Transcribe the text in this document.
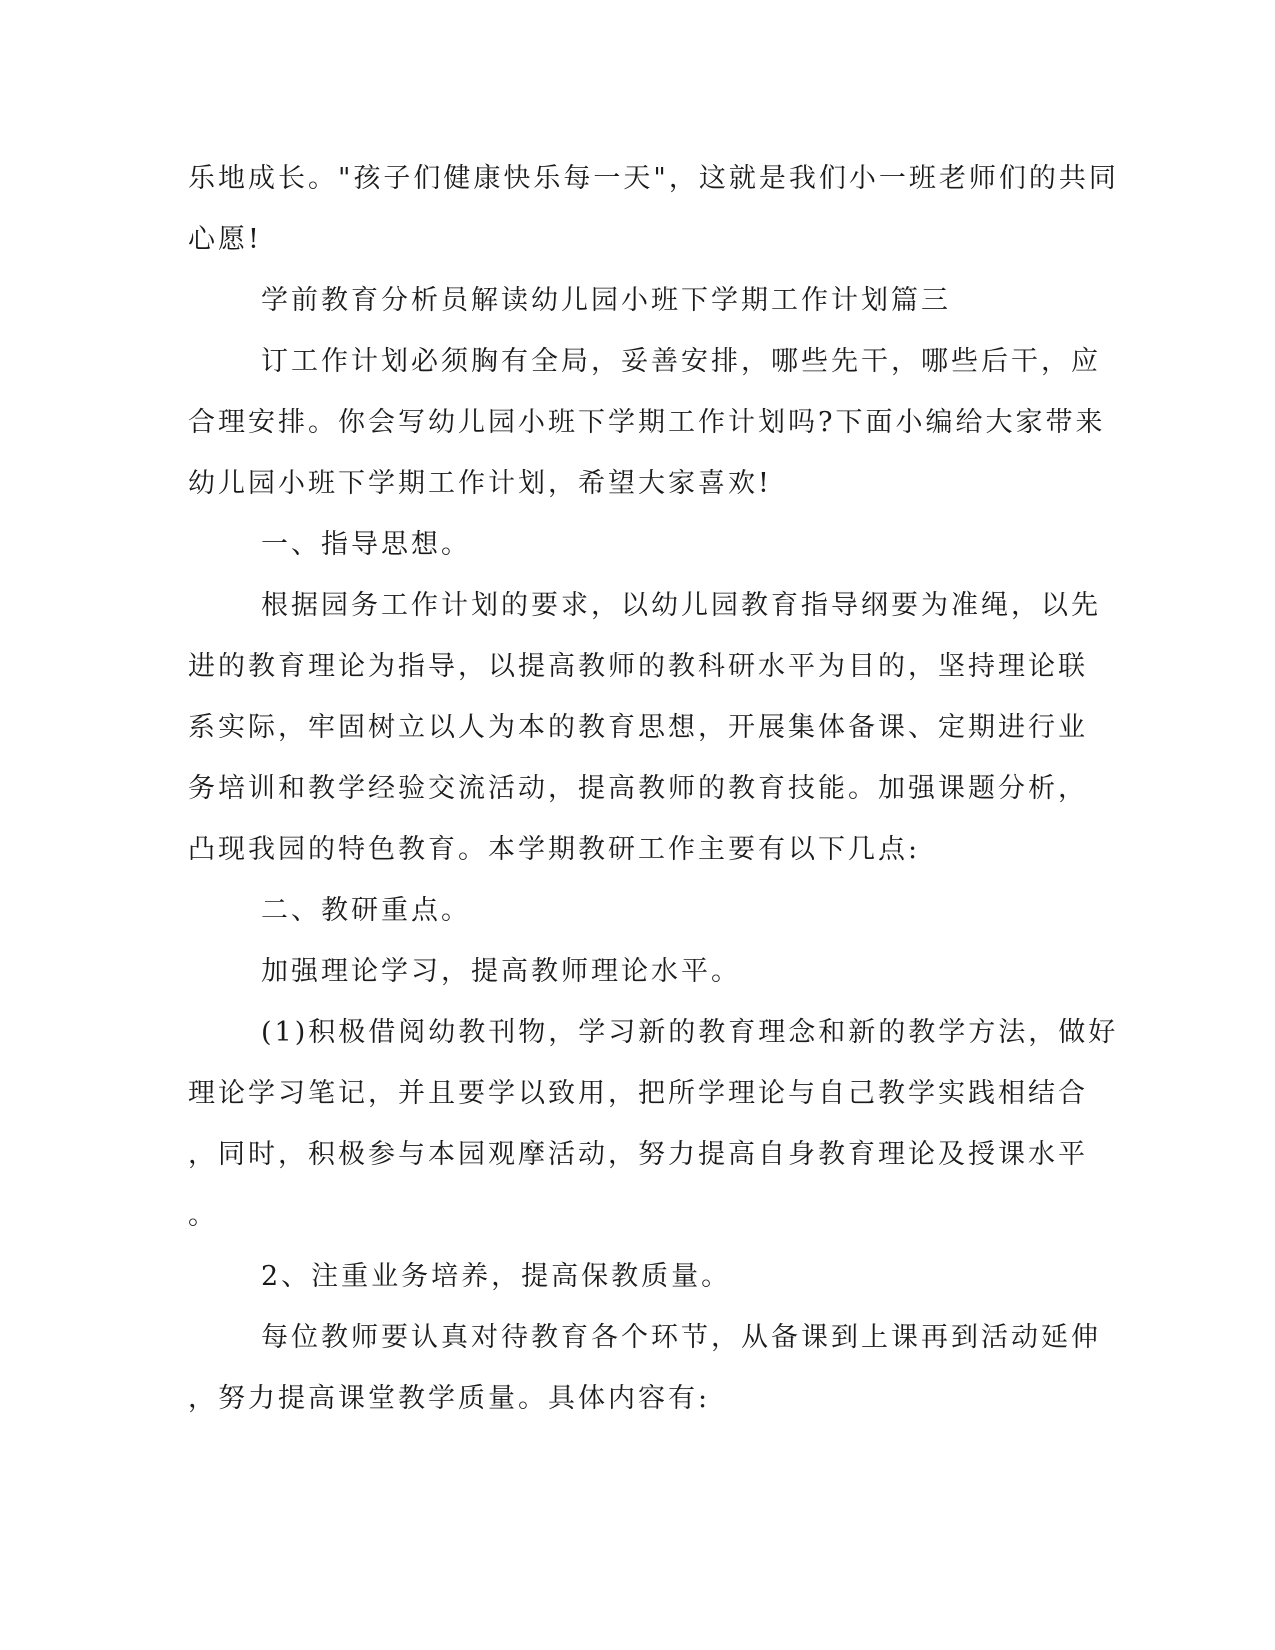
乐地成长。"孩子们健康快乐每一天"，这就是我们小一班老师们的共同
心愿!
学前教育分析员解读幼儿园小班下学期工作计划篇三
订工作计划必须胸有全局，妥善安排，哪些先干，哪些后干，应
合理安排。你会写幼儿园小班下学期工作计划吗?下面小编给大家带来
幼儿园小班下学期工作计划，希望大家喜欢!
一、指导思想。
根据园务工作计划的要求，以幼儿园教育指导纲要为准绳，以先
进的教育理论为指导，以提高教师的教科研水平为目的，坚持理论联
系实际，牢固树立以人为本的教育思想，开展集体备课、定期进行业
务培训和教学经验交流活动，提高教师的教育技能。加强课题分析，
凸现我园的特色教育。本学期教研工作主要有以下几点:
二、教研重点。
加强理论学习，提高教师理论水平。
(1)积极借阅幼教刊物，学习新的教育理念和新的教学方法，做好
理论学习笔记，并且要学以致用，把所学理论与自己教学实践相结合
，同时，积极参与本园观摩活动，努力提高自身教育理论及授课水平
。
2、注重业务培养，提高保教质量。
每位教师要认真对待教育各个环节，从备课到上课再到活动延伸
，努力提高课堂教学质量。具体内容有:
